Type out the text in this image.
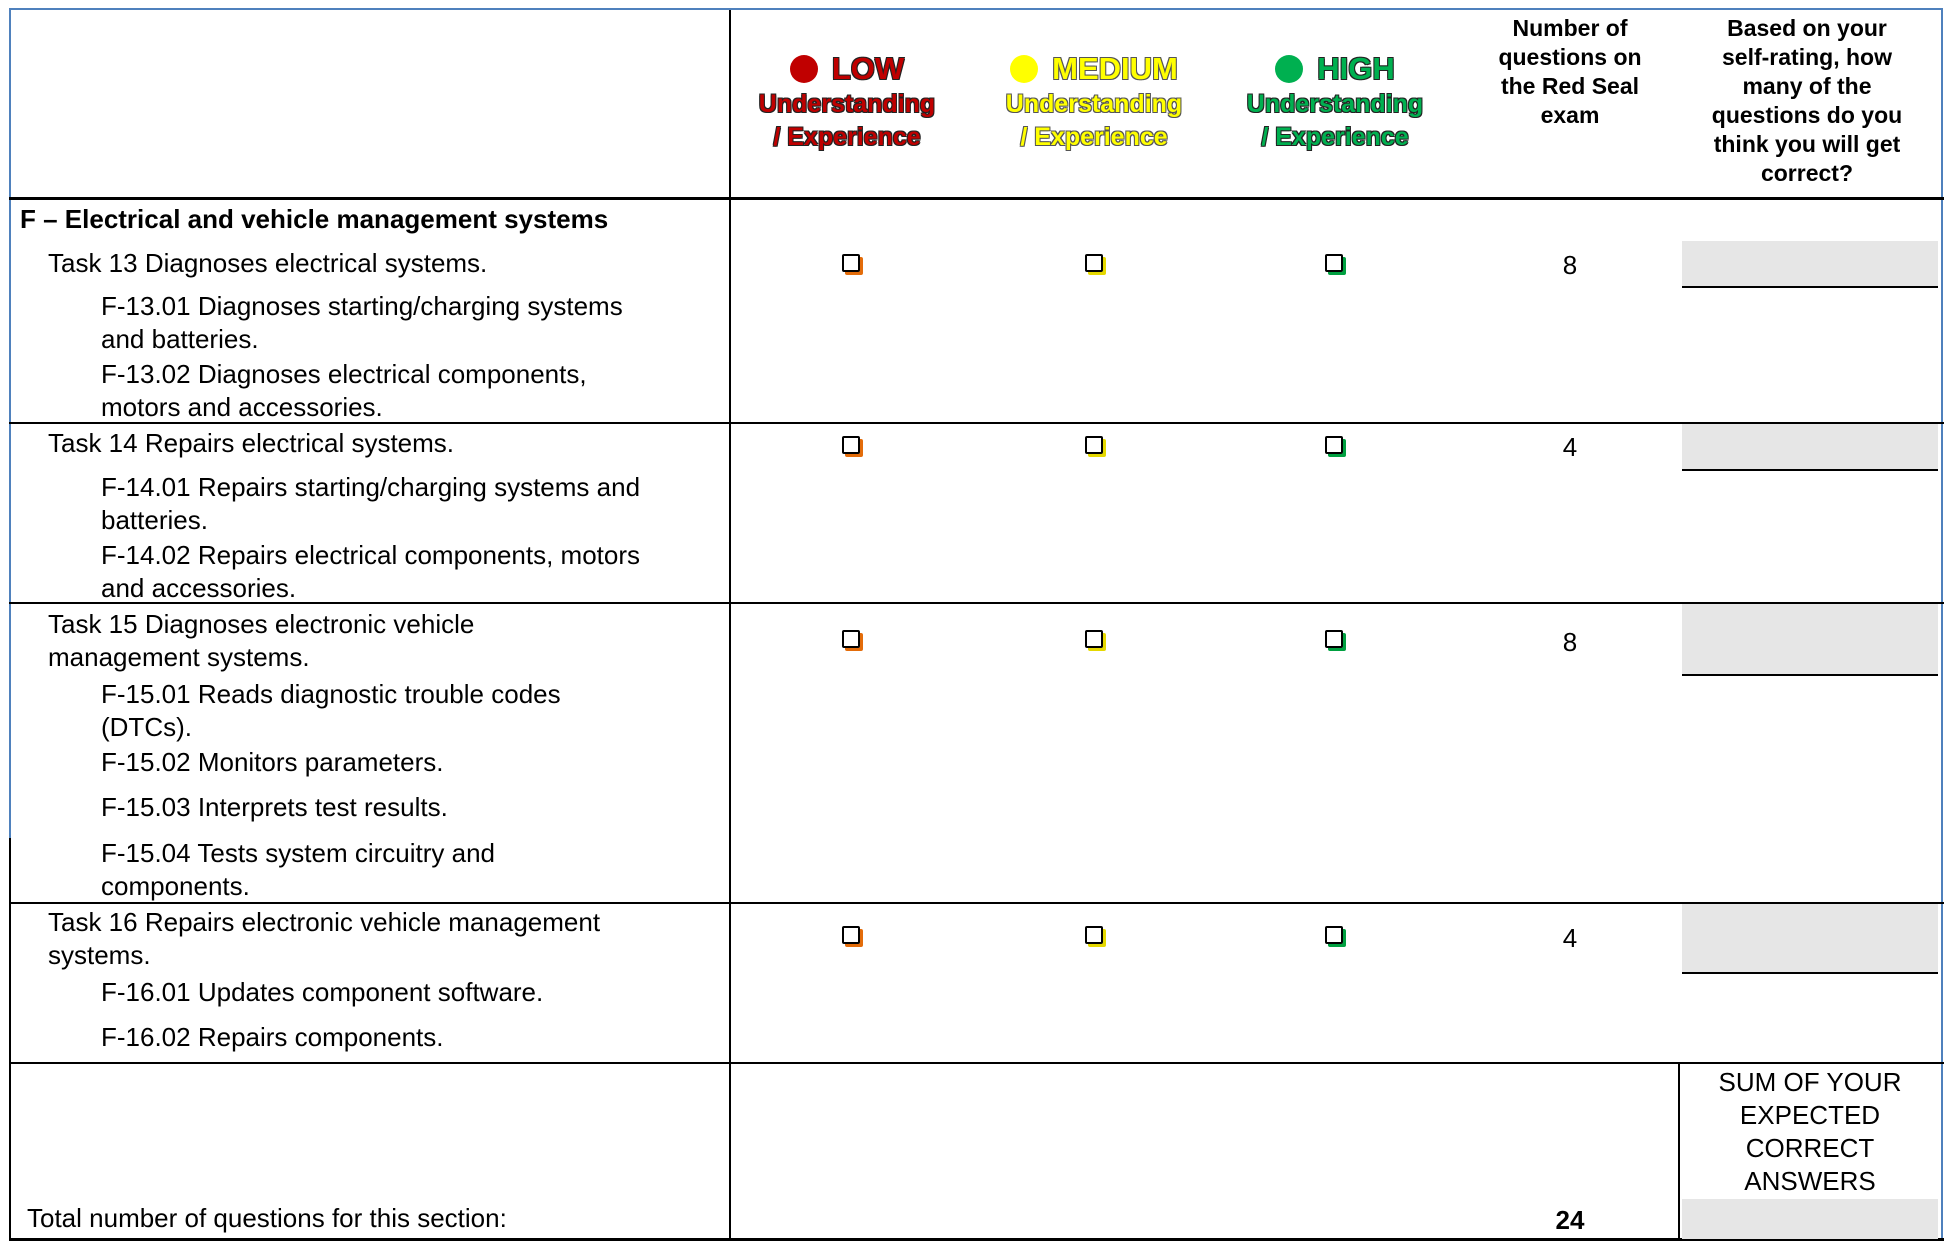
LOW
Understanding
/ Experience
MEDIUM
Understanding
/ Experience
HIGH
Understanding
/ Experience
Number of
questions on
the Red Seal
exam
Based on your
self-rating, how
many of the
questions do you
think you will get
correct?
F – Electrical and vehicle management systems
Task 13 Diagnoses electrical systems.
F-13.01 Diagnoses starting/charging systems
and batteries.
F-13.02 Diagnoses electrical components,
motors and accessories.
8
Task 14 Repairs electrical systems.
F-14.01 Repairs starting/charging systems and
batteries.
F-14.02 Repairs electrical components, motors
and accessories.
4
Task 15 Diagnoses electronic vehicle
management systems.
F-15.01 Reads diagnostic trouble codes
(DTCs).
F-15.02 Monitors parameters.
F-15.03 Interprets test results.
F-15.04 Tests system circuitry and
components.
8
Task 16 Repairs electronic vehicle management
systems.
F-16.01 Updates component software.
F-16.02 Repairs components.
4
Total number of questions for this section:	24
SUM OF YOUR
EXPECTED
CORRECT
ANSWERS
